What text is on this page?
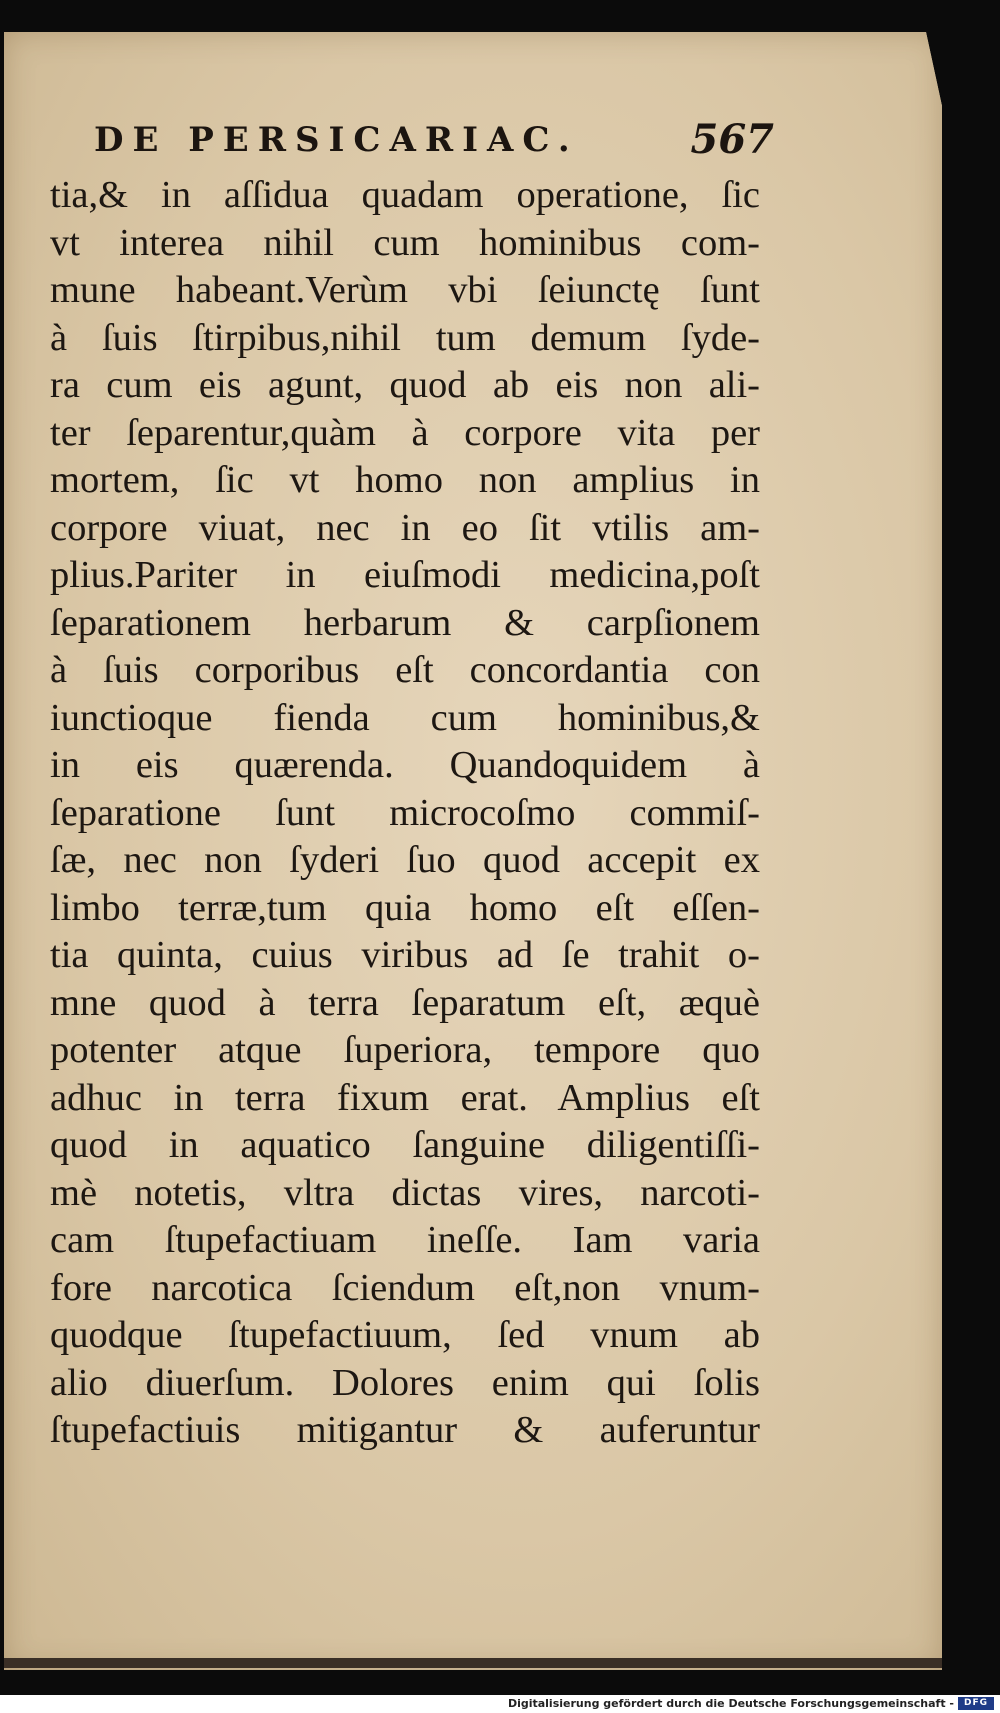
DE PERSICARIAC.	567
tia,& in aſſidua quadam operatione, ſic
vt interea nihil cum hominibus com-
mune habeant.Verùm vbi ſeiunctę ſunt
à ſuis ſtirpibus,nihil tum demum ſyde-
ra cum eis agunt, quod ab eis non ali-
ter ſeparentur,quàm à corpore vita per
mortem, ſic vt homo non amplius in
corpore viuat, nec in eo ſit vtilis am-
plius.Pariter in eiuſmodi medicina,poſt
ſeparationem herbarum & carpſionem
à ſuis corporibus eſt concordantia con
iunctioque fienda cum hominibus,&
in eis quærenda. Quandoquidem à
ſeparatione ſunt microcoſmo commiſ-
ſæ, nec non ſyderi ſuo quod accepit ex
limbo terræ,tum quia homo eſt eſſen-
tia quinta, cuius viribus ad ſe trahit o-
mne quod à terra ſeparatum eſt, æquè
potenter atque ſuperiora, tempore quo
adhuc in terra fixum erat. Amplius eſt
quod in aquatico ſanguine diligentiſſi-
mè notetis, vltra dictas vires, narcoti-
cam ſtupefactiuam ineſſe. Iam varia
fore narcotica ſciendum eſt,non vnum-
quodque ſtupefactiuum, ſed vnum ab
alio diuerſum. Dolores enim qui ſolis
ſtupefactiuis mitigantur & auferuntur
Digitalisierung gefördert durch die Deutsche Forschungsgemeinschaft -	DFG
